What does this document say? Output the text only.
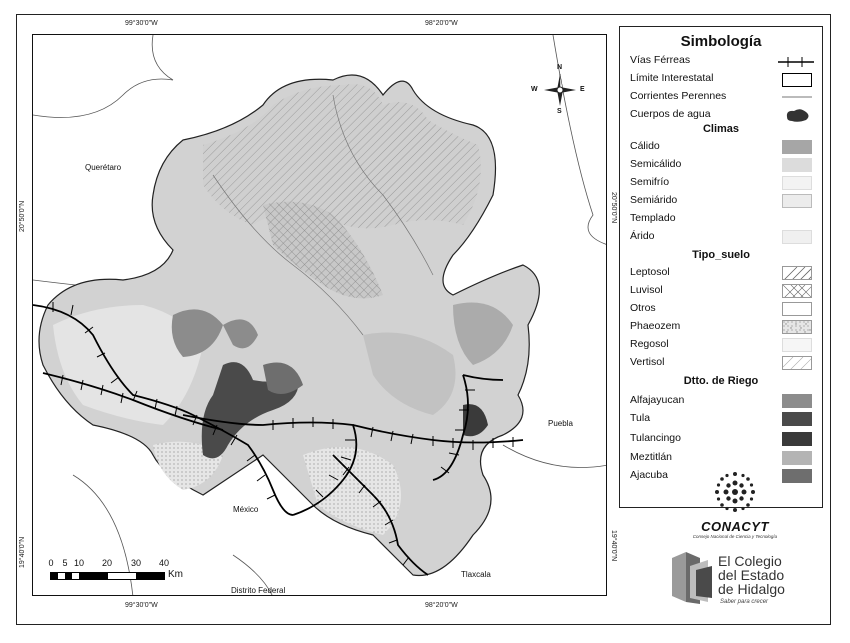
99°30'0"W	98°20'0"W
99°30'0"W	98°20'0"W
20°50'0"N
19°40'0"N
20°50'0"N
19°40'0"N
Querétaro
Puebla
México
Tlaxcala
Distrito Federal
N
S
E
W
0 5 10 20 30 40
Km
Simbología
Vías Férreas
Límite Interestatal
Corrientes Perennes
Cuerpos de agua
Climas
Cálido
Semicálido
Semifrío
Semiárido
Templado
Árido
Tipo_suelo
Leptosol
Luvisol
Otros
Phaeozem
Regosol
Vertisol
Dtto. de Riego
Alfajayucan
Tula
Tulancingo
Meztitlán
Ajacuba
CONACYT
Consejo Nacional de Ciencia y Tecnología
El Colegio
del Estado
de Hidalgo
Saber para crecer
